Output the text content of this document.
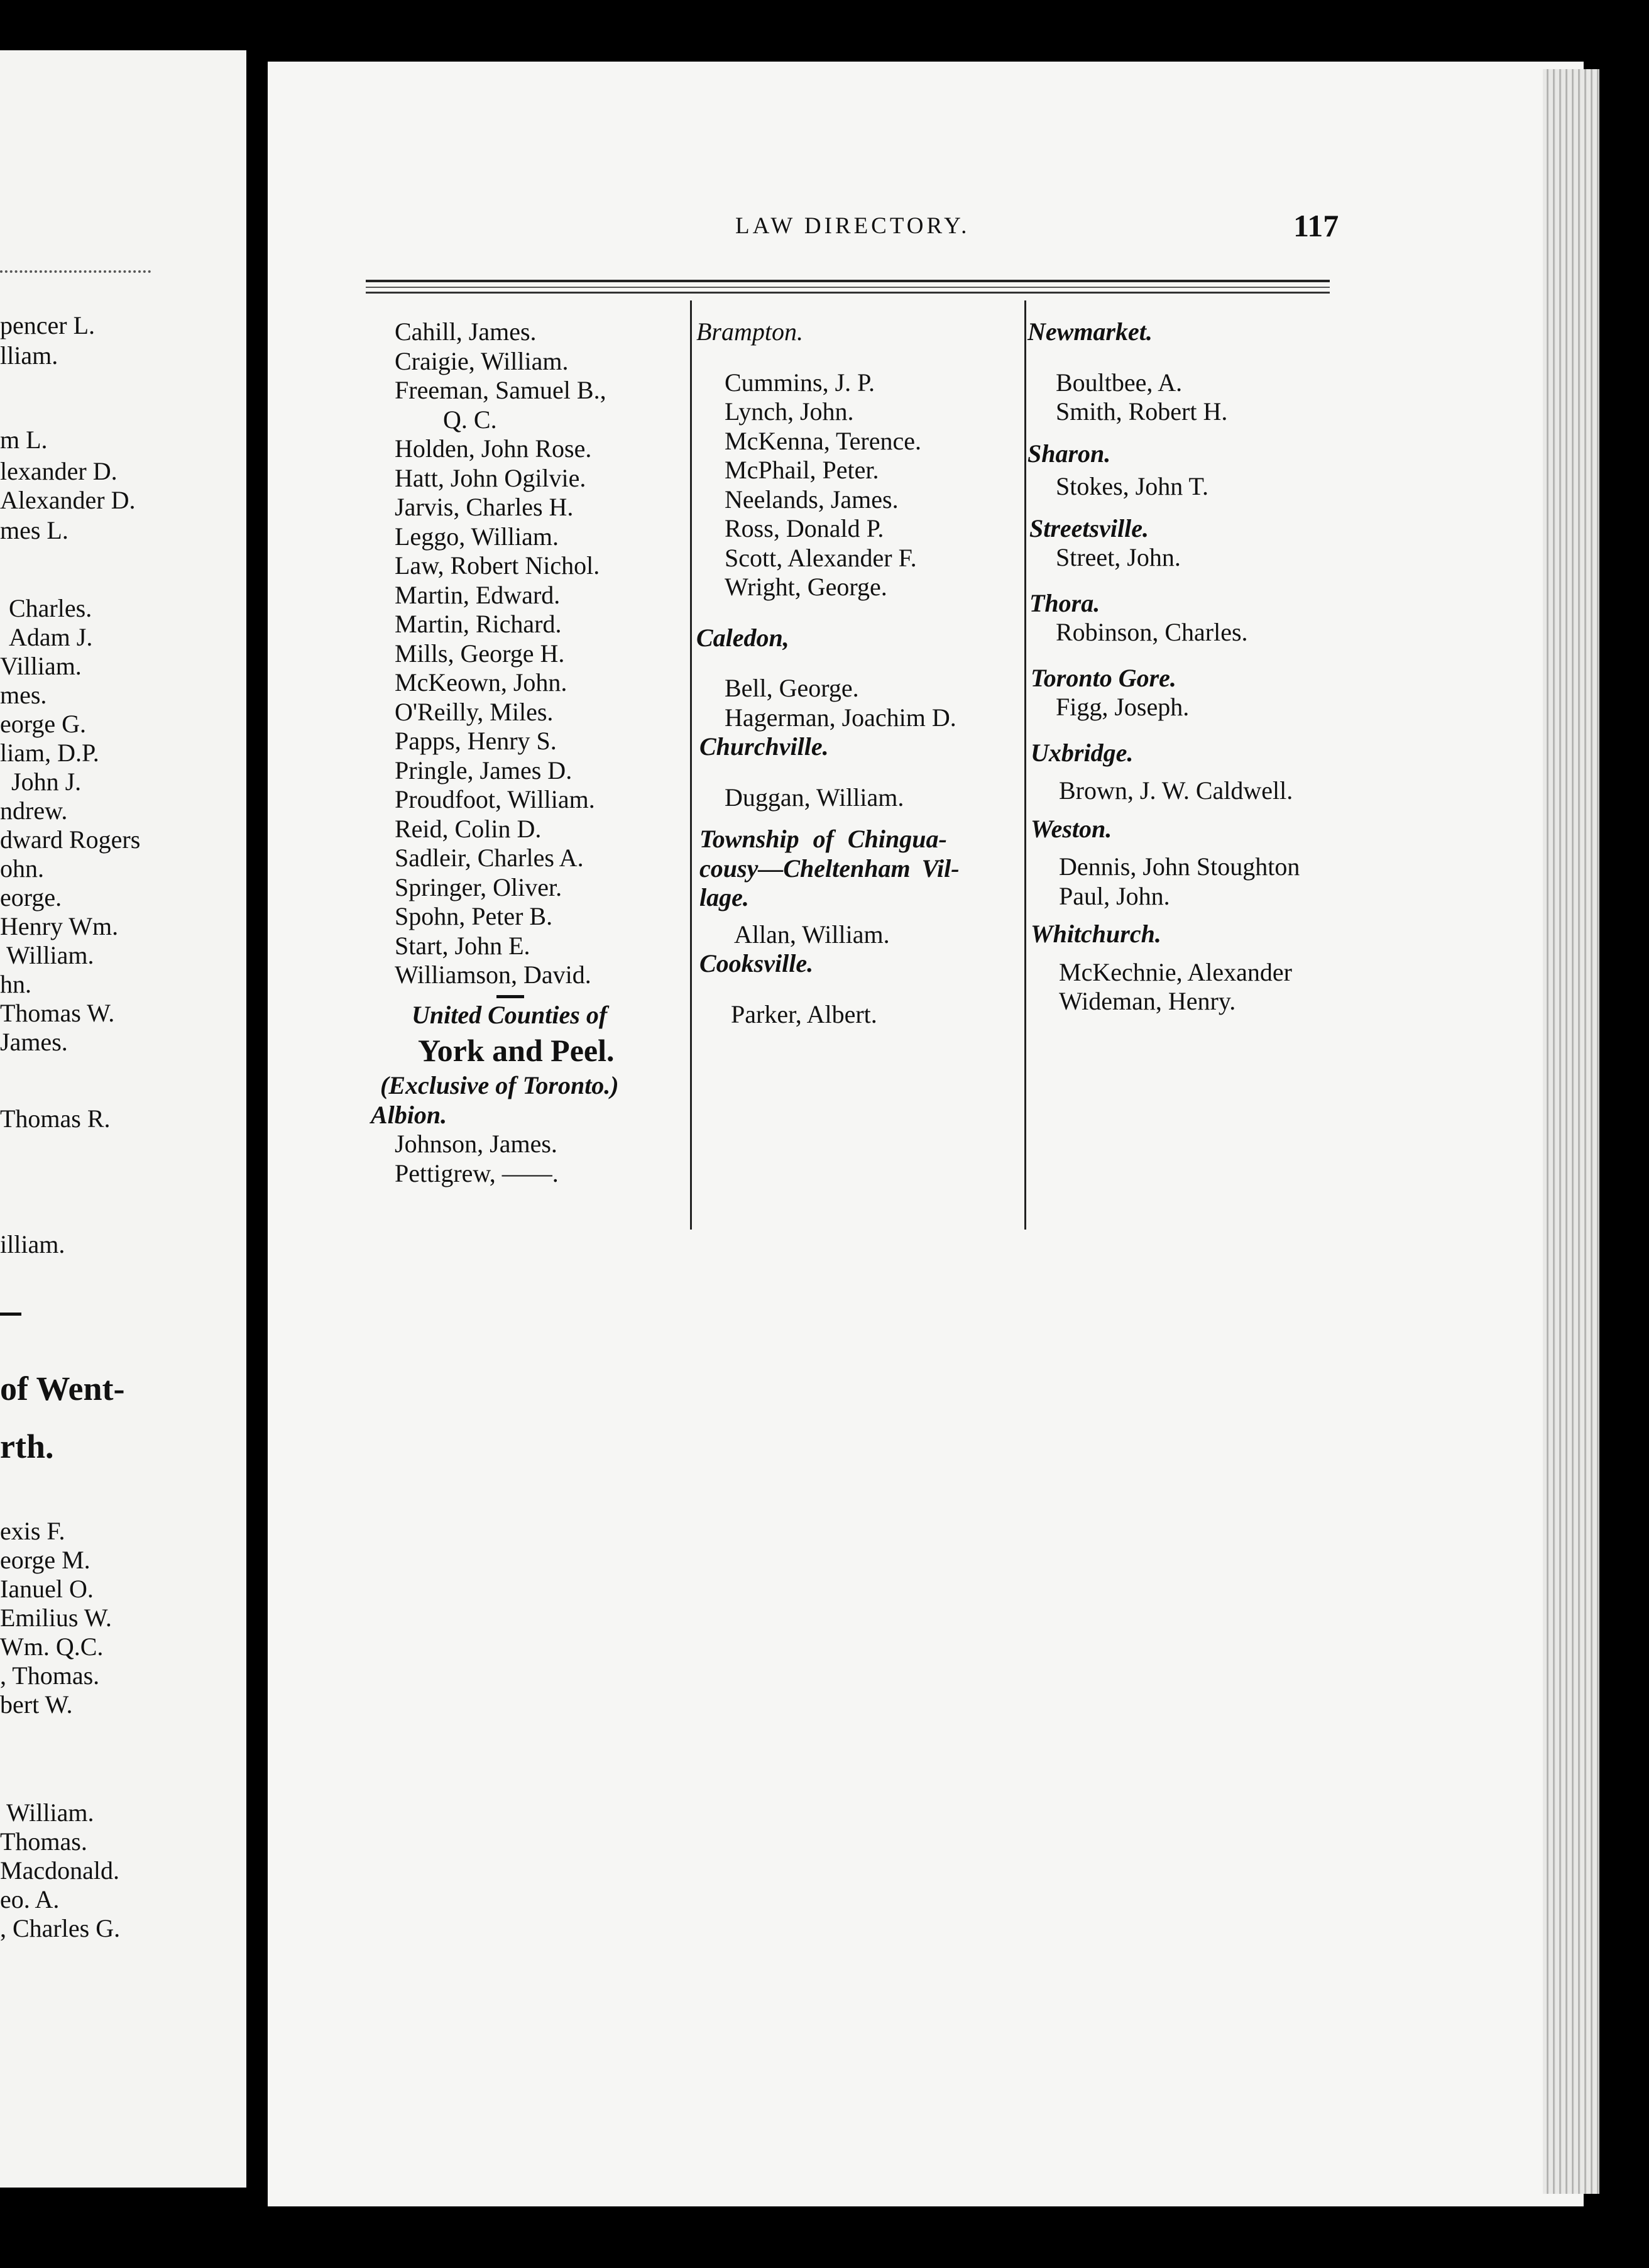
pencer L.
lliam.
m L.
lexander D.
Alexander D.
mes L.
Charles.
Adam J.
Villiam.
mes.
eorge G.
liam, D.P.
John J.
ndrew.
dward Rogers
ohn.
eorge.
Henry Wm.
William.
hn.
Thomas W.
James.
Thomas R.
illiam.
of Went-
rth.
exis F.
eorge M.
Ianuel O.
Emilius W.
Wm. Q.C.
, Thomas.
bert W.
William.
Thomas.
Macdonald.
eo. A.
, Charles G.
LAW DIRECTORY.	117

Cahill, James.

Craigie, William.

Freeman, Samuel B.,

Q. C.

Holden, John Rose.

Hatt, John Ogilvie.

Jarvis, Charles H.

Leggo, William.

Law, Robert Nichol.

Martin, Edward.

Martin, Richard.

Mills, George H.

McKeown, John.

O'Reilly, Miles.

Papps, Henry S.

Pringle, James D.

Proudfoot, William.

Reid, Colin D.

Sadleir, Charles A.

Springer, Oliver.

Spohn, Peter B.

Start, John E.

Williamson, David.

United Counties of

York and Peel.

(Exclusive of Toronto.)

Albion.

Johnson, James.

Pettigrew, ——.

Brampton.

Cummins, J. P.

Lynch, John.

McKenna, Terence.

McPhail, Peter.

Neelands, James.

Ross, Donald P.

Scott, Alexander F.

Wright, George.

Caledon,

Bell, George.

Hagerman, Joachim D.

Churchville.

Duggan, William.

Township of Chingua-

cousy—Cheltenham Vil-

lage.

Allan, William.

Cooksville.

Parker, Albert.

Newmarket.

Boultbee, A.

Smith, Robert H.

Sharon.

Stokes, John T.

Streetsville.

Street, John.

Thora.

Robinson, Charles.

Toronto Gore.

Figg, Joseph.

Uxbridge.

Brown, J. W. Caldwell.

Weston.

Dennis, John Stoughton

Paul, John.

Whitchurch.

McKechnie, Alexander

Wideman, Henry.
